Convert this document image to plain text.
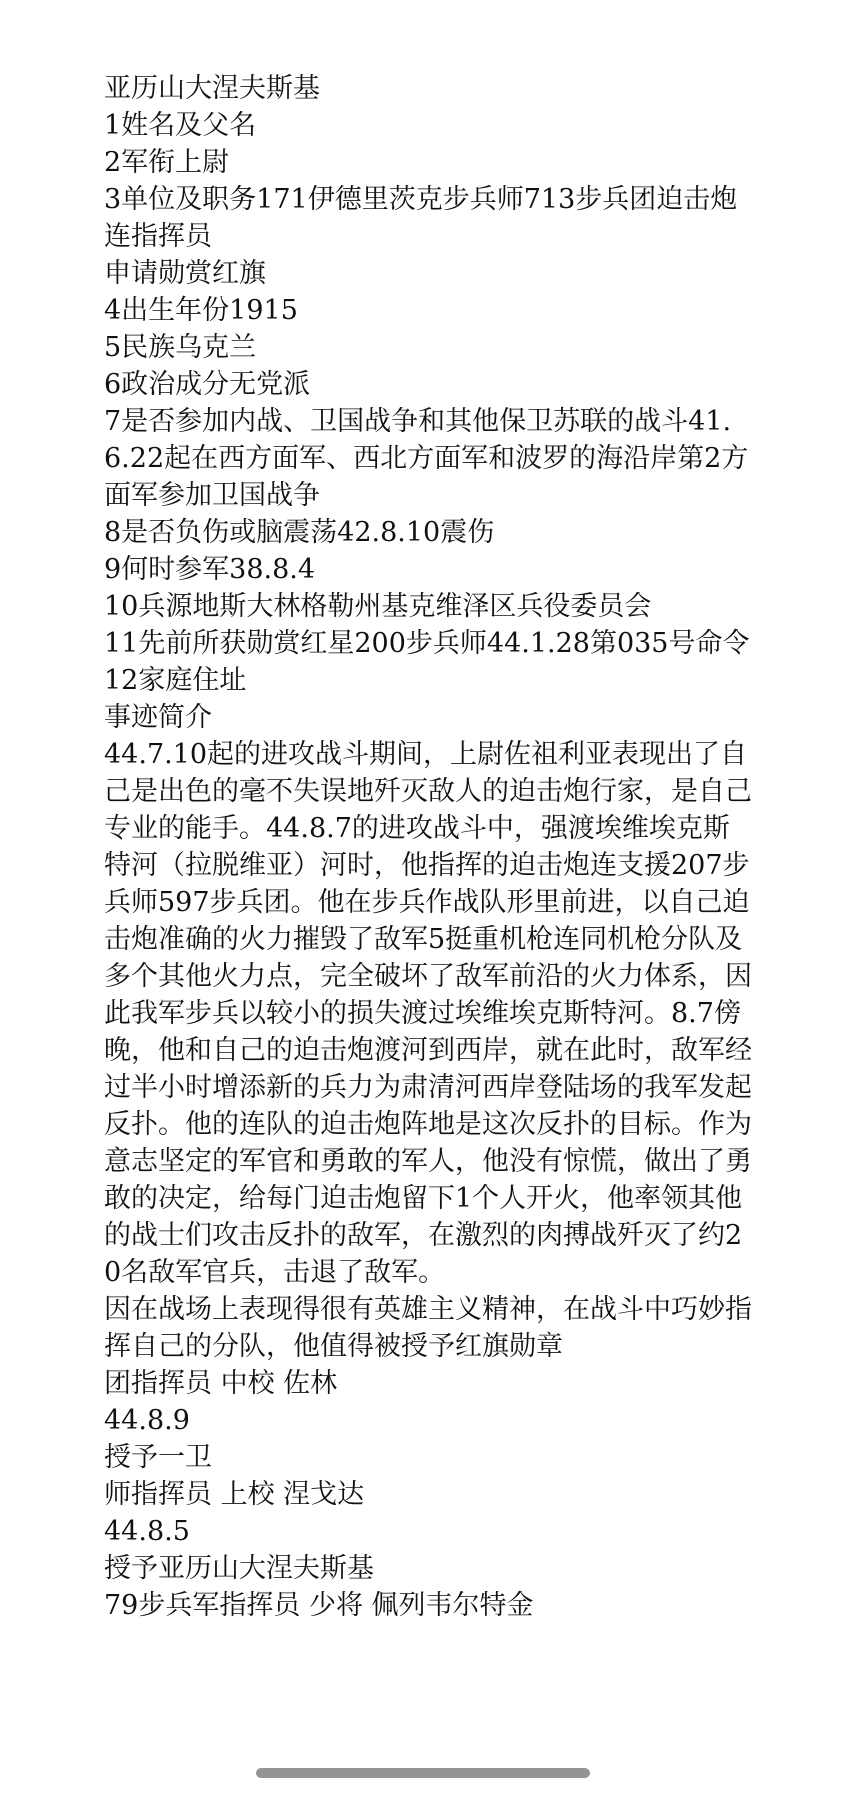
亚历山大涅夫斯基

1姓名及父名

2军衔上尉

3单位及职务171伊德里茨克步兵师713步兵团迫击炮连指挥员

申请勋赏红旗

4出生年份1915

5民族乌克兰

6政治成分无党派

7是否参加内战、卫国战争和其他保卫苏联的战斗41.6.22起在西方面军、西北方面军和波罗的海沿岸第2方面军参加卫国战争

8是否负伤或脑震荡42.8.10震伤

9何时参军38.8.4

10兵源地斯大林格勒州基克维泽区兵役委员会

11先前所获勋赏红星200步兵师44.1.28第035号命令

12家庭住址

事迹简介

44.7.10起的进攻战斗期间，上尉佐祖利亚表现出了自己是出色的毫不失误地歼灭敌人的迫击炮行家，是自己专业的能手。44.8.7的进攻战斗中，强渡埃维埃克斯特河（拉脱维亚）河时，他指挥的迫击炮连支援207步兵师597步兵团。他在步兵作战队形里前进，以自己迫击炮准确的火力摧毁了敌军5挺重机枪连同机枪分队及多个其他火力点，完全破坏了敌军前沿的火力体系，因此我军步兵以较小的损失渡过埃维埃克斯特河。8.7傍晚，他和自己的迫击炮渡河到西岸，就在此时，敌军经过半小时增添新的兵力为肃清河西岸登陆场的我军发起反扑。他的连队的迫击炮阵地是这次反扑的目标。作为意志坚定的军官和勇敢的军人，他没有惊慌，做出了勇敢的决定，给每门迫击炮留下1个人开火，他率领其他的战士们攻击反扑的敌军，在激烈的肉搏战歼灭了约20名敌军官兵，击退了敌军。

因在战场上表现得很有英雄主义精神，在战斗中巧妙指挥自己的分队，他值得被授予红旗勋章

团指挥员 中校 佐林

44.8.9

授予一卫

师指挥员 上校 涅戈达

44.8.5

授予亚历山大涅夫斯基

79步兵军指挥员 少将 佩列韦尔特金
